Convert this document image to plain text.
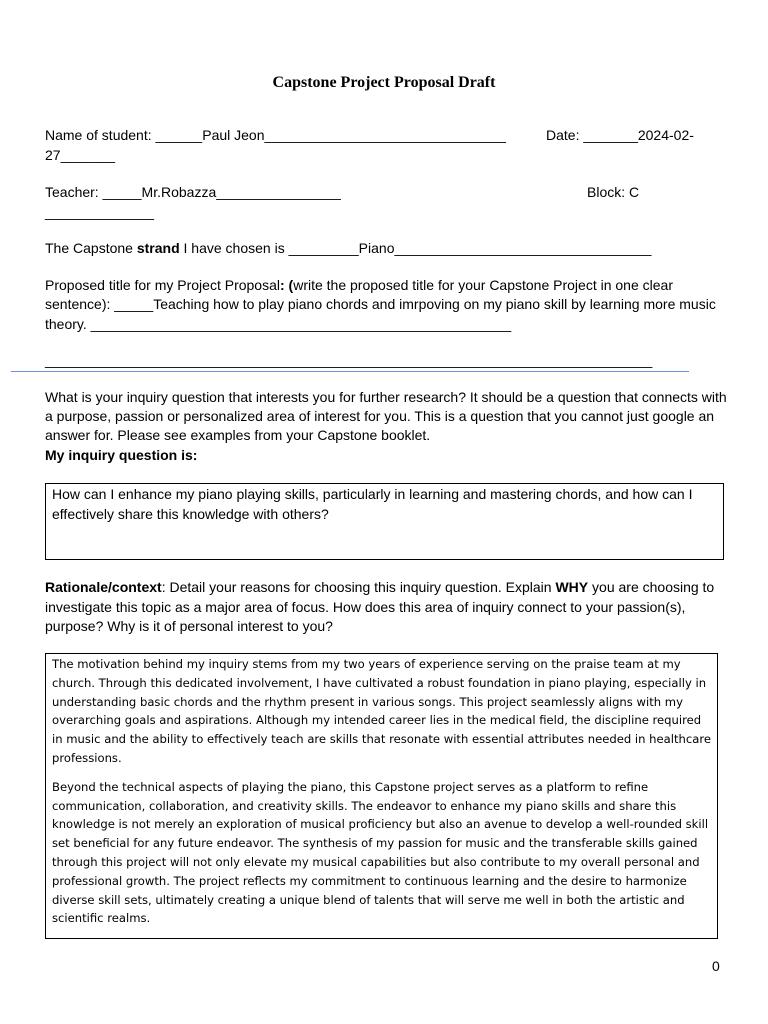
Capstone Project Proposal Draft
Name of student: ______Paul Jeon_______________________________	Date: _______2024-02-
27_______
Teacher: _____Mr.Robazza________________	Block: C
______________
The Capstone strand I have chosen is _________Piano_________________________________
Proposed title for my Project Proposal: (write the proposed title for your Capstone Project in one clear
sentence): _____Teaching how to play piano chords and imrpoving on my piano skill by learning more music
theory. ______________________________________________________
______________________________________________________________________________
What is your inquiry question that interests you for further research? It should be a question that connects with
a purpose, passion or personalized area of interest for you. This is a question that you cannot just google an
answer for. Please see examples from your Capstone booklet.
My inquiry question is:
How can I enhance my piano playing skills, particularly in learning and mastering chords, and how can I effectively share this knowledge with others?
Rationale/context: Detail your reasons for choosing this inquiry question. Explain WHY you are choosing to investigate this topic as a major area of focus. How does this area of inquiry connect to your passion(s), purpose? Why is it of personal interest to you?

The motivation behind my inquiry stems from my two years of experience serving on the praise team at my church. Through this dedicated involvement, I have cultivated a robust foundation in piano playing, especially in understanding basic chords and the rhythm present in various songs. This project seamlessly aligns with my overarching goals and aspirations. Although my intended career lies in the medical field, the discipline required in music and the ability to effectively teach are skills that resonate with essential attributes needed in healthcare professions.

Beyond the technical aspects of playing the piano, this Capstone project serves as a platform to refine communication, collaboration, and creativity skills. The endeavor to enhance my piano skills and share this knowledge is not merely an exploration of musical proficiency but also an avenue to develop a well-rounded skill set beneficial for any future endeavor. The synthesis of my passion for music and the transferable skills gained through this project will not only elevate my musical capabilities but also contribute to my overall personal and professional growth. The project reflects my commitment to continuous learning and the desire to harmonize diverse skill sets, ultimately creating a unique blend of talents that will serve me well in both the artistic and scientific realms.

0
